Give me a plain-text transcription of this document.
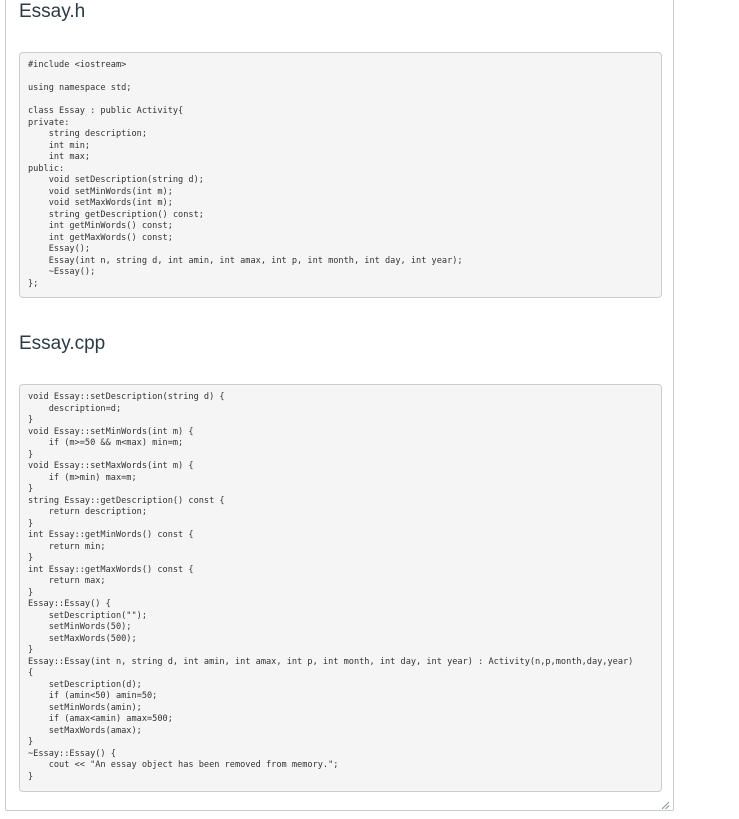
Essay.h
#include <iostream>

using namespace std;

class Essay : public Activity{
private:
string description;
int min;
int max;
public:
void setDescription(string d);
void setMinWords(int m);
void setMaxWords(int m);
string getDescription() const;
int getMinWords() const;
int getMaxWords() const;
Essay();
Essay(int n, string d, int amin, int amax, int p, int month, int day, int year);
~Essay();
};
Essay.cpp
void Essay::setDescription(string d) {
description=d;
}
void Essay::setMinWords(int m) {
if (m>=50 && m<max) min=m;
}
void Essay::setMaxWords(int m) {
if (m>min) max=m;
}
string Essay::getDescription() const {
return description;
}
int Essay::getMinWords() const {
return min;
}
int Essay::getMaxWords() const {
return max;
}
Essay::Essay() {
setDescription("");
setMinWords(50);
setMaxWords(500);
}
Essay::Essay(int n, string d, int amin, int amax, int p, int month, int day, int year) : Activity(n,p,month,day,year)
{
setDescription(d);
if (amin<50) amin=50;
setMinWords(amin);
if (amax<amin) amax=500;
setMaxWords(amax);
}
~Essay::Essay() {
cout << "An essay object has been removed from memory.";
}
